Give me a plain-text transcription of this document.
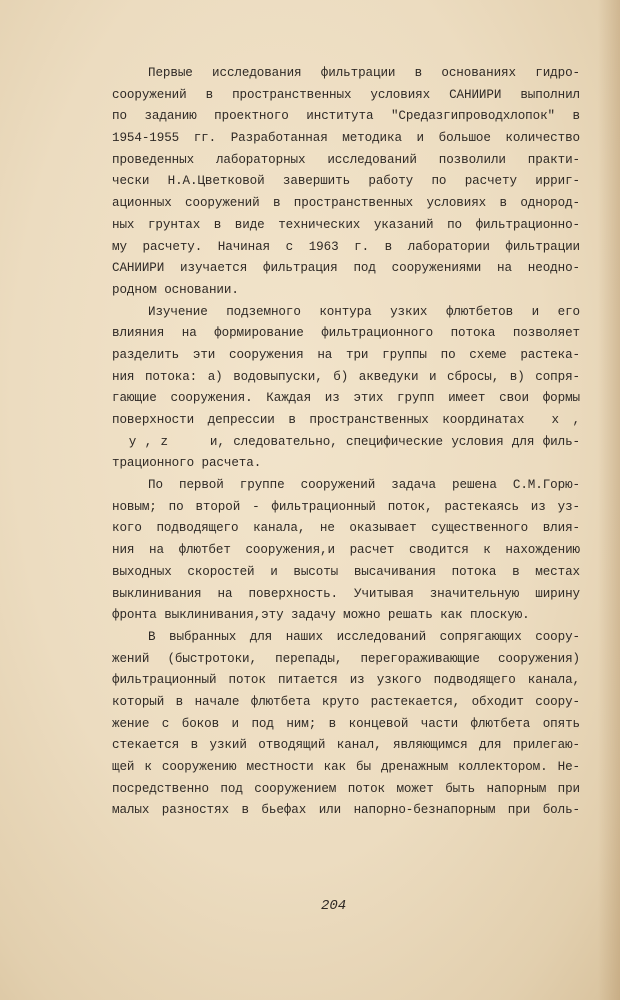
Первые исследования фильтрации в основаниях гидро-
сооружений в пространственных условиях САНИИРИ выполнил
по заданию проектного института "Средазгипроводхлопок" в
1954-1955 гг. Разработанная методика и большое количество
проведенных лабораторных исследований позволили практи-
чески Н.А.Цветковой завершить работу по расчету ирриг-
ационных сооружений в пространственных условиях в однород-
ных грунтах в виде технических указаний по фильтрационно-
му расчету. Начиная с 1963 г. в лаборатории фильтрации
САНИИРИ изучается фильтрация под сооружениями на неодно-
родном основании.
Изучение подземного контура узких флютбетов и его
влияния на формирование фильтрационного потока позволяет
разделить эти сооружения на три группы по схеме растека-
ния потока: а) водовыпуски, б) акведуки и сбросы, в) сопря-
гающие сооружения. Каждая из этих групп имеет свои формы
поверхности депрессии в пространственных координатах  x ,
y , z     и, следовательно, специфические условия для филь-
трационного расчета.
По первой группе сооружений задача решена С.М.Горю-
новым; по второй - фильтрационный поток, растекаясь из уз-
кого подводящего канала, не оказывает существенного влия-
ния на флютбет сооружения,и расчет сводится к нахождению
выходных скоростей и высоты высачивания потока в местах
выклинивания на поверхность. Учитывая значительную ширину
фронта выклинивания,эту задачу можно решать как плоскую.
В выбранных для наших исследований сопрягающих соору-
жений (быстротоки, перепады, перегораживающие сооружения)
фильтрационный поток питается из узкого подводящего канала,
который в начале флютбета круто растекается, обходит соору-
жение с боков и под ним; в концевой части флютбета опять
стекается в узкий отводящий канал, являющимся для прилегаю-
щей к сооружению местности как бы дренажным коллектором. Не-
посредственно под сооружением поток может быть напорным при
малых разностях в бьефах или напорно-безнапорным при боль-
204
